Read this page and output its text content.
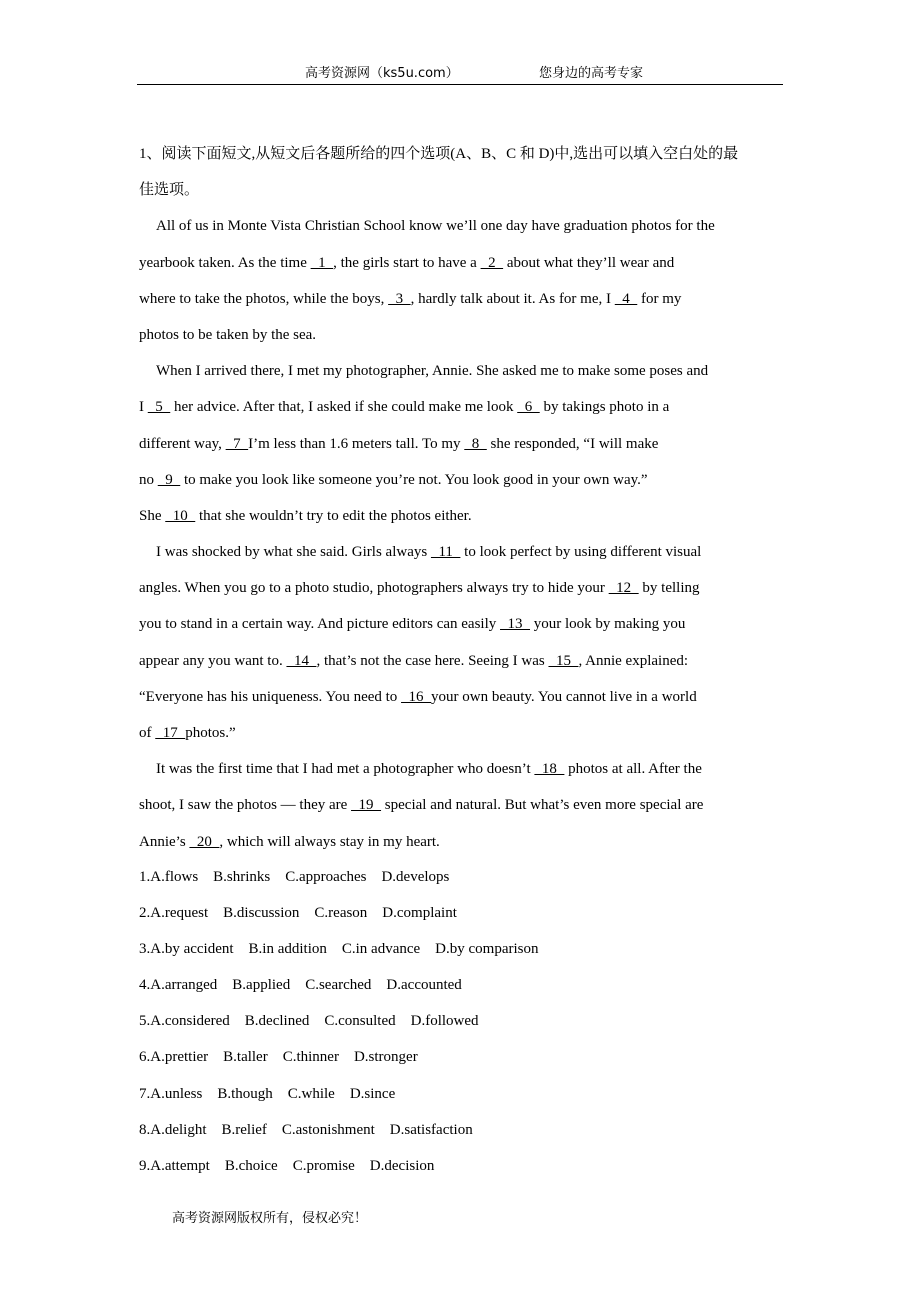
高考资源网（ks5u.com）	您身边的高考专家
1、阅读下面短文,从短文后各题所给的四个选项(A、B、C 和 D)中,选出可以填入空白处的最
佳选项。
All of us in Monte Vista Christian School know we’ll one day have graduation photos for the
yearbook taken. As the time   1  , the girls start to have a   2   about what they’ll wear and
where to take the photos, while the boys,   3  , hardly talk about it. As for me, I   4   for my
photos to be taken by the sea.
When I arrived there, I met my photographer, Annie. She asked me to make some poses and
I   5   her advice. After that, I asked if she could make me look   6   by takings photo in a
different way,   7  I’m less than 1.6 meters tall. To my   8   she responded, “I will make
no   9   to make you look like someone you’re not. You look good in your own way.”
She   10   that she wouldn’t try to edit the photos either.
I was shocked by what she said. Girls always   11   to look perfect by using different visual
angles. When you go to a photo studio, photographers always try to hide your   12   by telling
you to stand in a certain way. And picture editors can easily   13   your look by making you
appear any you want to.   14  , that’s not the case here. Seeing I was   15  , Annie explained:
“Everyone has his uniqueness. You need to   16  your own beauty. You cannot live in a world
of   17  photos.”
It was the first time that I had met a photographer who doesn’t   18   photos at all. After the
shoot, I saw the photos — they are   19   special and natural. But what’s even more special are
Annie’s   20  , which will always stay in my heart.
1.A.flows    B.shrinks    C.approaches    D.develops
2.A.request    B.discussion    C.reason    D.complaint
3.A.by accident    B.in addition    C.in advance    D.by comparison
4.A.arranged    B.applied    C.searched    D.accounted
5.A.considered    B.declined    C.consulted    D.followed
6.A.prettier    B.taller    C.thinner    D.stronger
7.A.unless    B.though    C.while    D.since
8.A.delight    B.relief    C.astonishment    D.satisfaction
9.A.attempt    B.choice    C.promise    D.decision
高考资源网版权所有，侵权必究！
